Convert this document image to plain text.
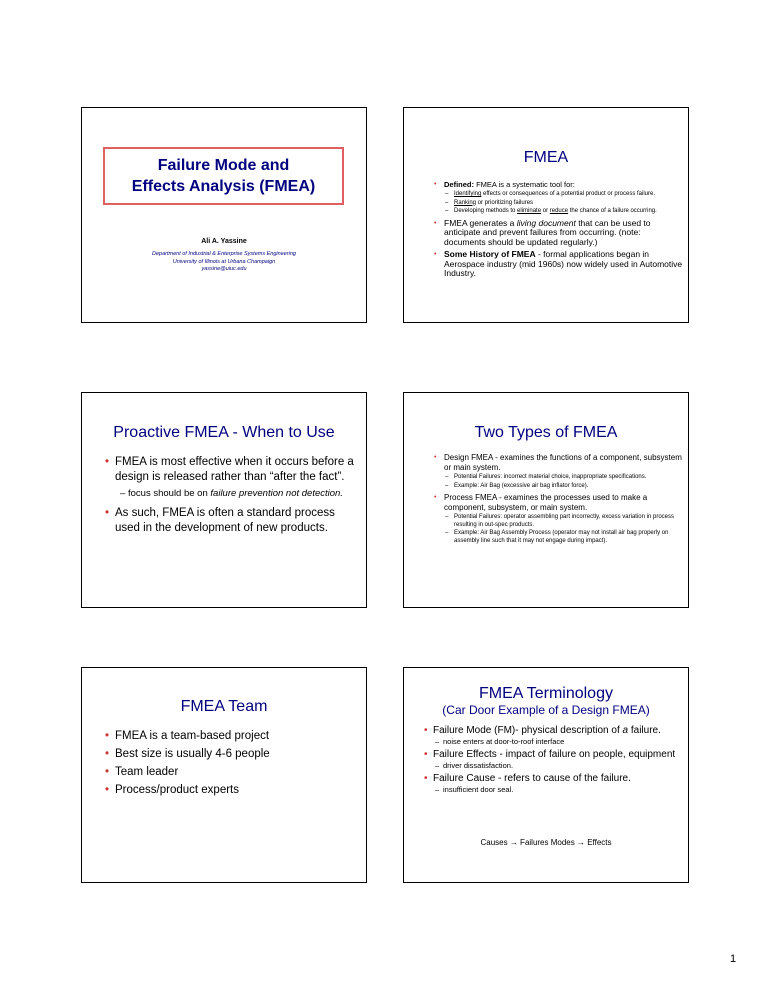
Failure Mode and
Effects Analysis (FMEA)
Ali A. Yassine
Department of Industrial & Enterprise Systems Engineering
University of Illinois at Urbana Champaign
yassine@uiuc.edu
FMEA
• Defined: FMEA is a systematic tool for:
– Identifying effects or consequences of a potential product or process failure.
– Ranking or prioritizing failures
– Developing methods to eliminate or reduce the chance of a failure occurring.
• FMEA generates a living document that can be used to anticipate and prevent failures from occurring. (note: documents should be updated regularly.)
• Some History of FMEA - formal applications began in Aerospace industry (mid 1960s) now widely used in Automotive Industry.
Proactive FMEA - When to Use
• FMEA is most effective when it occurs before a design is released rather than “after the fact”.
– focus should be on failure prevention not detection.
• As such, FMEA is often a standard process used in the development of new products.
Two Types of FMEA
• Design FMEA - examines the functions of a component, subsystem or main system.
– Potential Failures: incorrect material choice, inappropriate specifications.
– Example: Air Bag (excessive air bag inflator force).
• Process FMEA - examines the processes used to make a component, subsystem, or main system.
– Potential Failures: operator assembling part incorrectly, excess variation in process resulting in out-spec products.
– Example: Air Bag Assembly Process (operator may not install air bag properly on assembly line such that it may not engage during impact).
FMEA Team
• FMEA is a team-based project
• Best size is usually 4-6 people
• Team leader
• Process/product experts
FMEA Terminology
(Car Door Example of a Design FMEA)
• Failure Mode (FM)- physical description of a failure.
– noise enters at door-to-roof interface
• Failure Effects - impact of failure on people, equipment
– driver dissatisfaction.
• Failure Cause - refers to cause of the failure.
– insufficient door seal.
Causes → Failures Modes → Effects
1
